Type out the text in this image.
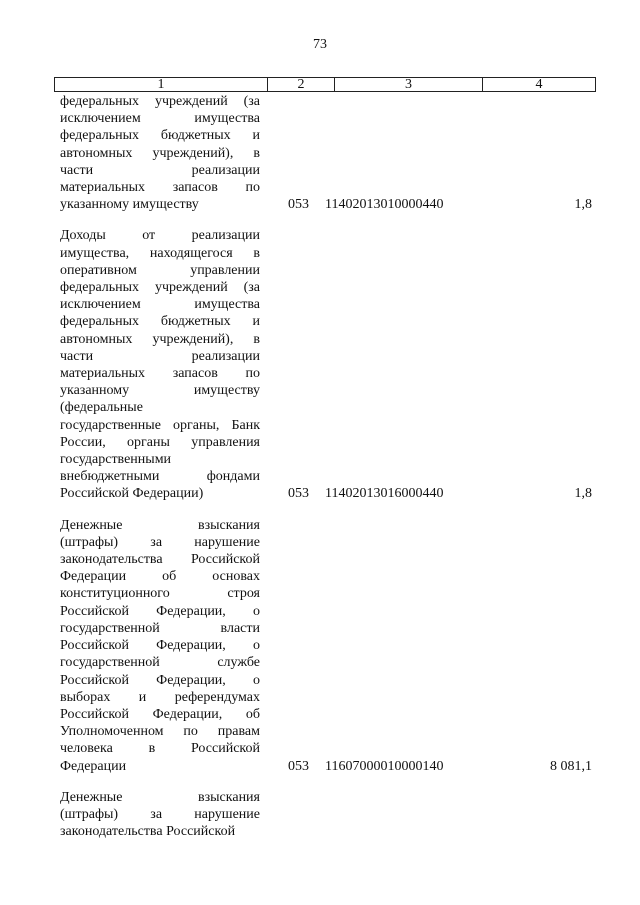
73
1	2	3	4
федеральных учреждений (за
исключением имущества
федеральных бюджетных и
автономных учреждений), в
части реализации
материальных запасов по
указанному имуществу	053 11402013010000440	1,8
Доходы от реализации
имущества, находящегося в
оперативном управлении
федеральных учреждений (за
исключением имущества
федеральных бюджетных и
автономных учреждений), в
части реализации
материальных запасов по
указанному имуществу
(федеральные
государственные органы, Банк
России, органы управления
государственными
внебюджетными фондами
Российской Федерации)	053 11402013016000440	1,8
Денежные взыскания
(штрафы) за нарушение
законодательства Российской
Федерации об основах
конституционного строя
Российской Федерации, о
государственной власти
Российской Федерации, о
государственной службе
Российской Федерации, о
выборах и референдумах
Российской Федерации, об
Уполномоченном по правам
человека в Российской
Федерации	053 11607000010000140	8 081,1
Денежные взыскания
(штрафы) за нарушение
законодательства Российской
